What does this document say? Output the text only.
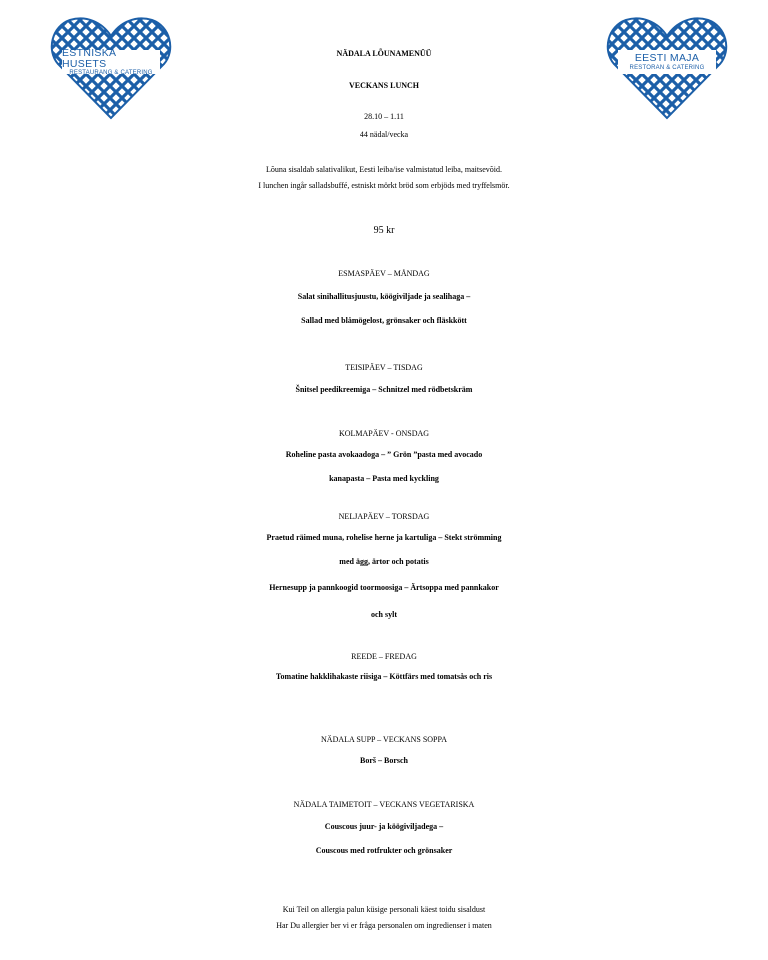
ESTNISKA HUSETS
RESTAURANG & CATERING
EESTI MAJA
RESTORAN & CATERING
NÄDALA LÕUNAMENÜÜ
VECKANS LUNCH
28.10 – 1.11
44 nädal/vecka
Lõuna sisaldab salativalikut, Eesti leiba/ise valmistatud leiba, maitsevõid.
I lunchen ingår salladsbuffé, estniskt mörkt bröd som erbjöds med tryffelsmör.
95 kr
ESMASPÄEV – MÅNDAG
Salat sinihallitusjuustu, köögiviljade ja sealihaga –
Sallad med blåmögelost, grönsaker och fläskkött
TEISIPÄEV – TISDAG
Šnitsel peedikreemiga – Schnitzel med rödbetskräm
KOLMAPÄEV - ONSDAG
Roheline pasta avokaadoga – ” Grön ”pasta med avocado
kanapasta – Pasta med kyckling
NELJAPÄEV – TORSDAG
Praetud räimed muna, rohelise herne ja kartuliga – Stekt strömming
med ägg, ärtor och potatis
Hernesupp ja pannkoogid toormoosiga – Ärtsoppa med pannkakor
och sylt
REEDE – FREDAG
Tomatine hakklihakaste riisiga – Köttfärs med tomatsås och ris
NÄDALA SUPP – VECKANS SOPPA
Borš – Borsch
NÄDALA TAIMETOIT – VECKANS VEGETARISKA
Couscous juur- ja köögiviljadega –
Couscous med rotfrukter och grönsaker
Kui Teil on allergia palun küsige personali käest toidu sisaldust
Har Du allergier ber vi er fråga personalen om ingredienser i maten
